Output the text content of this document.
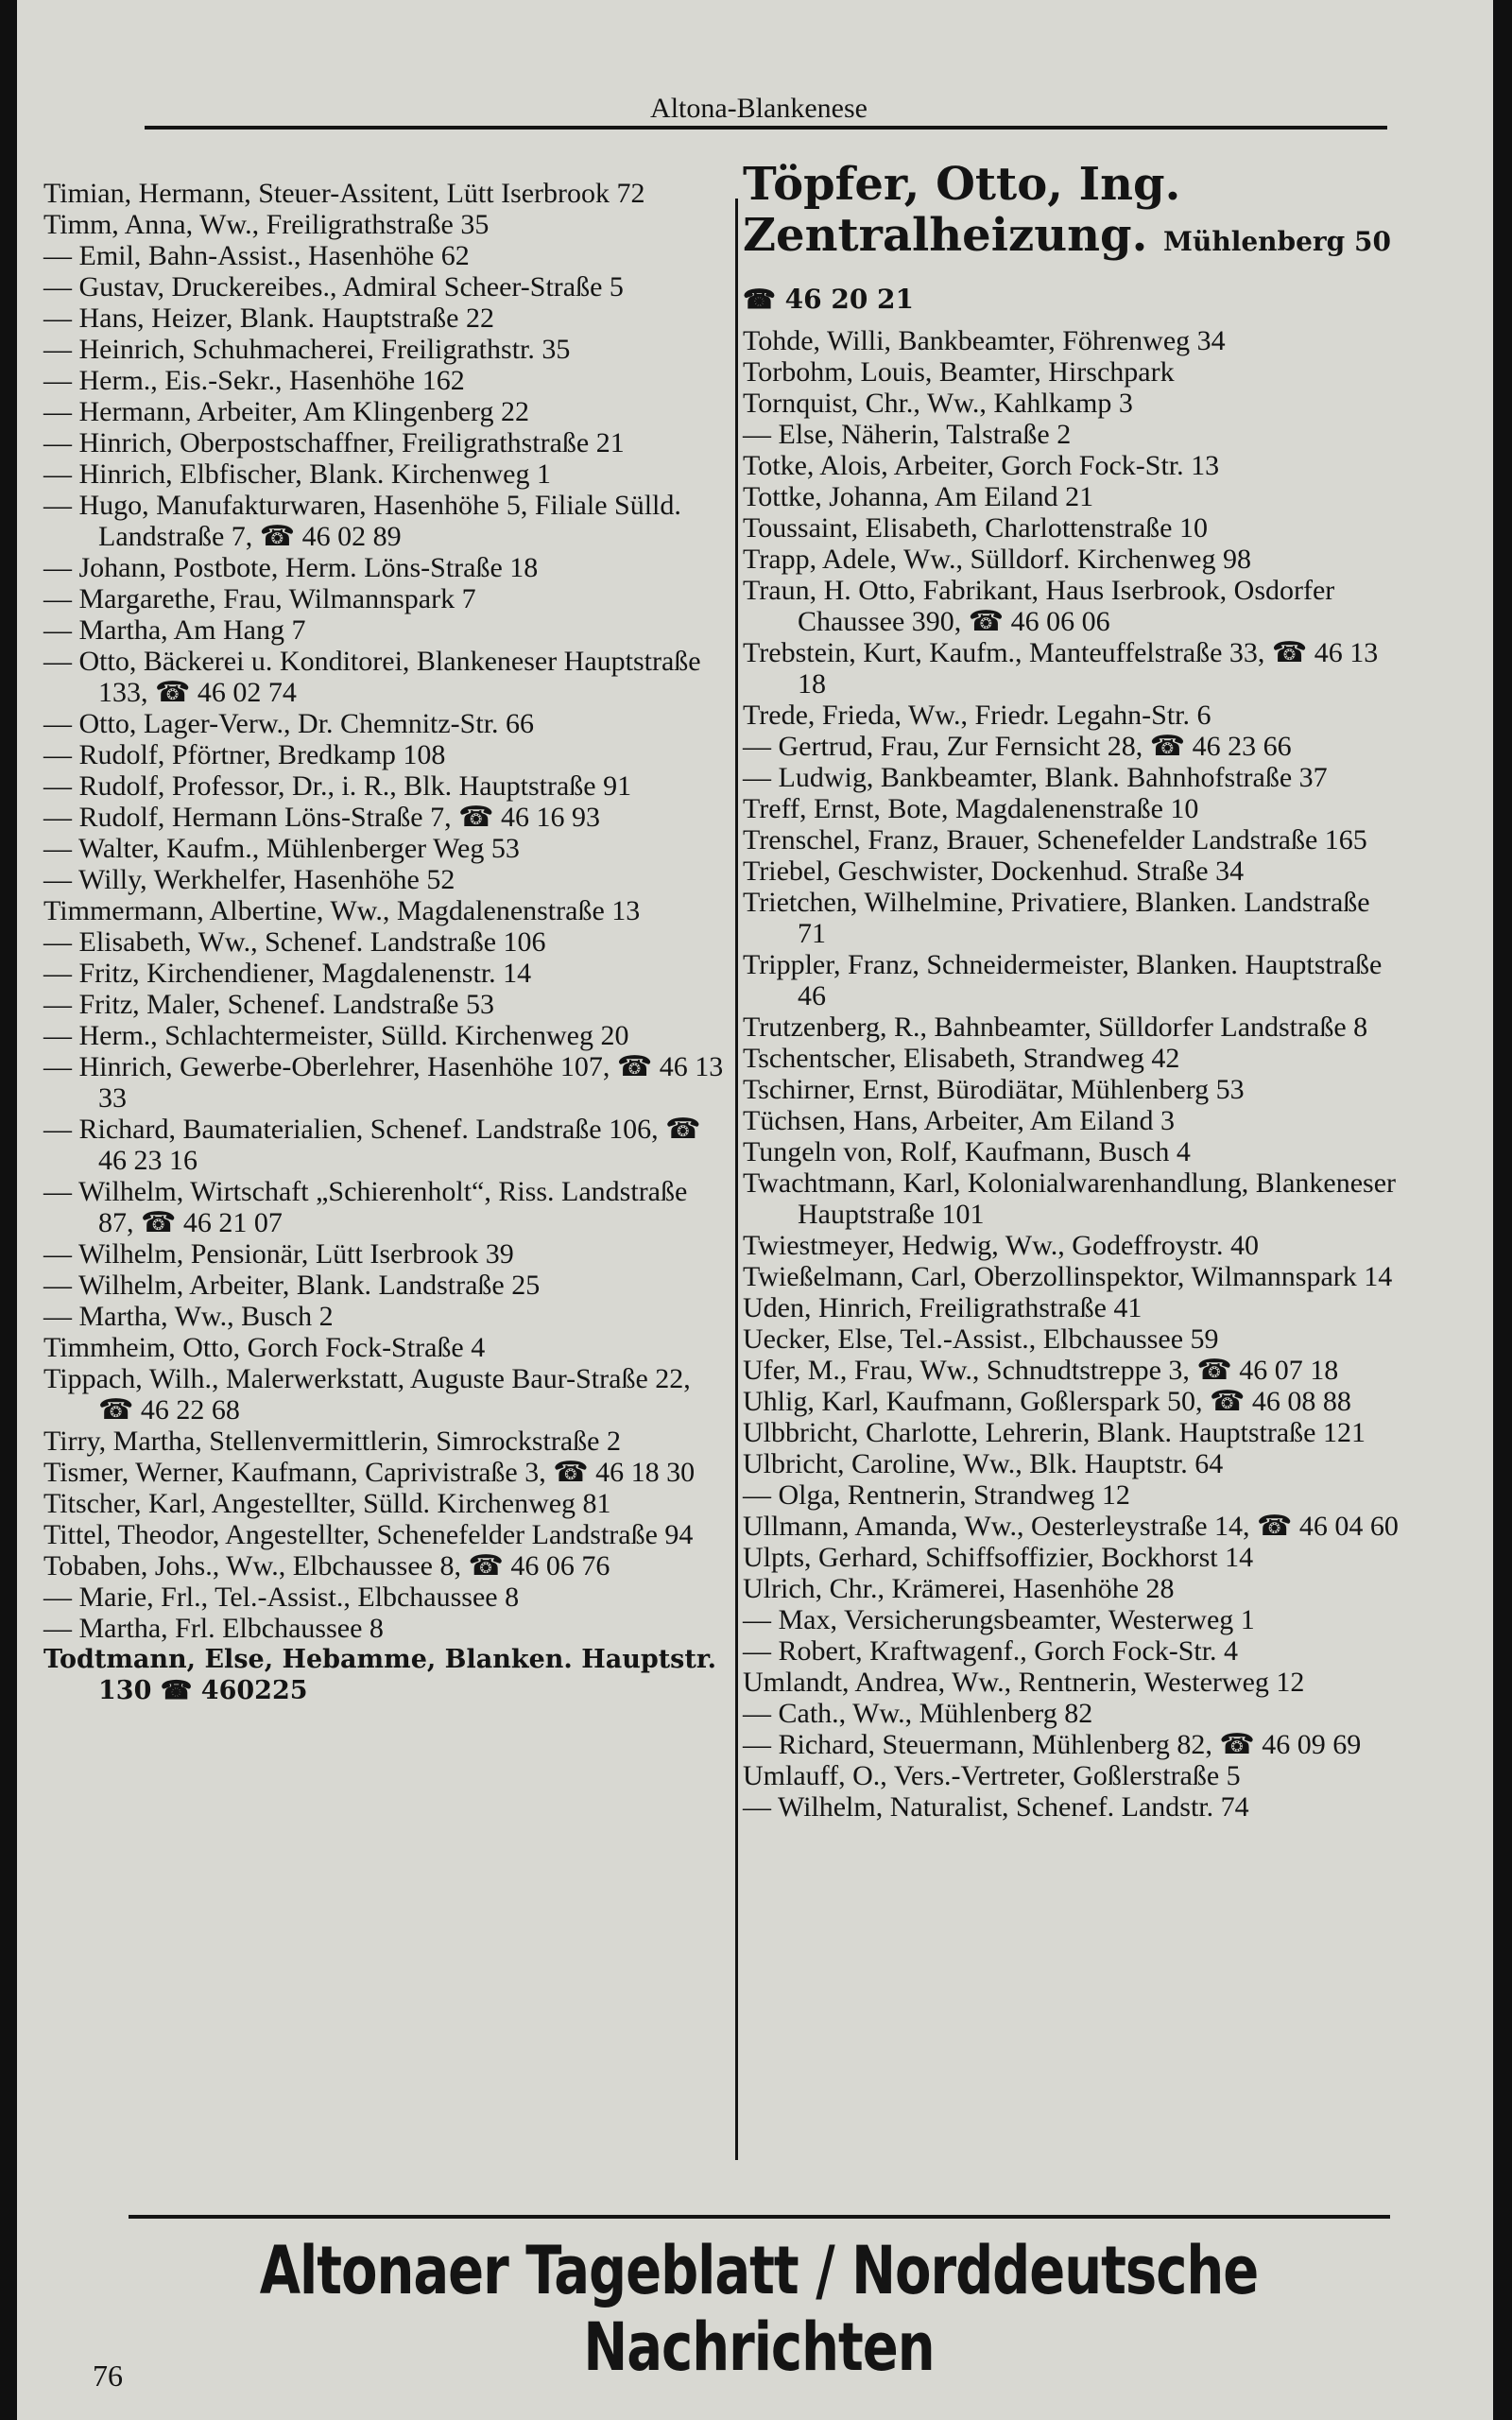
Altona-Blankenese

Timian, Hermann, Steuer-Assitent, Lütt Iserbrook 72

Timm, Anna, Ww., Freiligrathstraße 35

— Emil, Bahn-Assist., Hasenhöhe 62

— Gustav, Druckereibes., Admiral Scheer-Straße 5

— Hans, Heizer, Blank. Hauptstraße 22

— Heinrich, Schuhmacherei, Freiligrathstr. 35

— Herm., Eis.-Sekr., Hasenhöhe 162

— Hermann, Arbeiter, Am Klingenberg 22

— Hinrich, Oberpostschaffner, Freiligrathstraße 21

— Hinrich, Elbfischer, Blank. Kirchenweg 1

— Hugo, Manufakturwaren, Hasenhöhe 5, Filiale Sülld. Landstraße 7, ☎ 46 02 89

— Johann, Postbote, Herm. Löns-Straße 18

— Margarethe, Frau, Wilmannspark 7

— Martha, Am Hang 7

— Otto, Bäckerei u. Konditorei, Blankeneser Hauptstraße 133, ☎ 46 02 74

— Otto, Lager-Verw., Dr. Chemnitz-Str. 66

— Rudolf, Pförtner, Bredkamp 108

— Rudolf, Professor, Dr., i. R., Blk. Hauptstraße 91

— Rudolf, Hermann Löns-Straße 7, ☎ 46 16 93

— Walter, Kaufm., Mühlenberger Weg 53

— Willy, Werkhelfer, Hasenhöhe 52

Timmermann, Albertine, Ww., Magdalenenstraße 13

— Elisabeth, Ww., Schenef. Landstraße 106

— Fritz, Kirchendiener, Magdalenenstr. 14

— Fritz, Maler, Schenef. Landstraße 53

— Herm., Schlachtermeister, Sülld. Kirchenweg 20

— Hinrich, Gewerbe-Oberlehrer, Hasenhöhe 107, ☎ 46 13 33

— Richard, Baumaterialien, Schenef. Landstraße 106, ☎ 46 23 16

— Wilhelm, Wirtschaft „Schierenholt“, Riss. Landstraße 87, ☎ 46 21 07

— Wilhelm, Pensionär, Lütt Iserbrook 39

— Wilhelm, Arbeiter, Blank. Landstraße 25

— Martha, Ww., Busch 2

Timmheim, Otto, Gorch Fock-Straße 4

Tippach, Wilh., Malerwerkstatt, Auguste Baur-Straße 22, ☎ 46 22 68

Tirry, Martha, Stellenvermittlerin, Simrockstraße 2

Tismer, Werner, Kaufmann, Caprivistraße 3, ☎ 46 18 30

Titscher, Karl, Angestellter, Sülld. Kirchenweg 81

Tittel, Theodor, Angestellter, Schenefelder Landstraße 94

Tobaben, Johs., Ww., Elbchaussee 8, ☎ 46 06 76

— Marie, Frl., Tel.-Assist., Elbchaussee 8

— Martha, Frl. Elbchaussee 8

Todtmann, Else, Hebamme, Blanken. Hauptstr. 130 ☎ 460225

Töpfer, Otto, Ing. Zentralheizung. Mühlenberg 50 ☎ 46 20 21

Tohde, Willi, Bankbeamter, Föhrenweg 34

Torbohm, Louis, Beamter, Hirschpark

Tornquist, Chr., Ww., Kahlkamp 3

— Else, Näherin, Talstraße 2

Totke, Alois, Arbeiter, Gorch Fock-Str. 13

Tottke, Johanna, Am Eiland 21

Toussaint, Elisabeth, Charlottenstraße 10

Trapp, Adele, Ww., Sülldorf. Kirchenweg 98

Traun, H. Otto, Fabrikant, Haus Iserbrook, Osdorfer Chaussee 390, ☎ 46 06 06

Trebstein, Kurt, Kaufm., Manteuffelstraße 33, ☎ 46 13 18

Trede, Frieda, Ww., Friedr. Legahn-Str. 6

— Gertrud, Frau, Zur Fernsicht 28, ☎ 46 23 66

— Ludwig, Bankbeamter, Blank. Bahnhofstraße 37

Treff, Ernst, Bote, Magdalenenstraße 10

Trenschel, Franz, Brauer, Schenefelder Landstraße 165

Triebel, Geschwister, Dockenhud. Straße 34

Trietchen, Wilhelmine, Privatiere, Blanken. Landstraße 71

Trippler, Franz, Schneidermeister, Blanken. Hauptstraße 46

Trutzenberg, R., Bahnbeamter, Sülldorfer Landstraße 8

Tschentscher, Elisabeth, Strandweg 42

Tschirner, Ernst, Bürodiätar, Mühlenberg 53

Tüchsen, Hans, Arbeiter, Am Eiland 3

Tungeln von, Rolf, Kaufmann, Busch 4

Twachtmann, Karl, Kolonialwarenhandlung, Blankeneser Hauptstraße 101

Twiestmeyer, Hedwig, Ww., Godeffroystr. 40

Twießelmann, Carl, Oberzollinspektor, Wilmannspark 14

Uden, Hinrich, Freiligrathstraße 41

Uecker, Else, Tel.-Assist., Elbchaussee 59

Ufer, M., Frau, Ww., Schnudtstreppe 3, ☎ 46 07 18

Uhlig, Karl, Kaufmann, Goßlerspark 50, ☎ 46 08 88

Ulbbricht, Charlotte, Lehrerin, Blank. Hauptstraße 121

Ulbricht, Caroline, Ww., Blk. Hauptstr. 64

— Olga, Rentnerin, Strandweg 12

Ullmann, Amanda, Ww., Oesterleystraße 14, ☎ 46 04 60

Ulpts, Gerhard, Schiffsoffizier, Bockhorst 14

Ulrich, Chr., Krämerei, Hasenhöhe 28

— Max, Versicherungsbeamter, Westerweg 1

— Robert, Kraftwagenf., Gorch Fock-Str. 4

Umlandt, Andrea, Ww., Rentnerin, Westerweg 12

— Cath., Ww., Mühlenberg 82

— Richard, Steuermann, Mühlenberg 82, ☎ 46 09 69

Umlauff, O., Vers.-Vertreter, Goßlerstraße 5

— Wilhelm, Naturalist, Schenef. Landstr. 74

Altonaer Tageblatt / Norddeutsche Nachrichten
76
